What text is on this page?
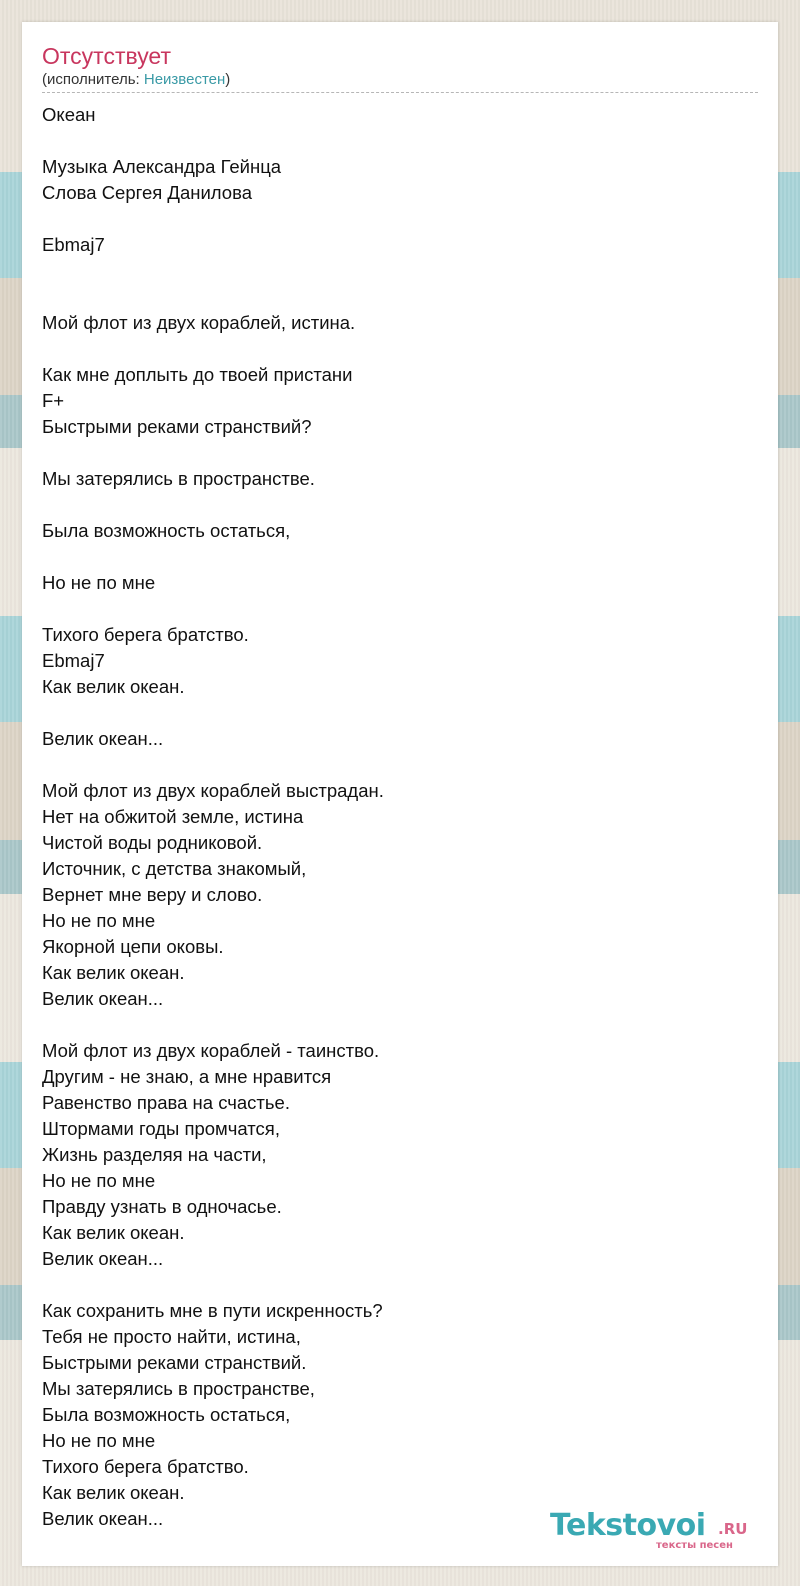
Отсутствует
(исполнитель: Неизвестен)
Океан

Музыка Александра Гейнца
Слова Сергея Данилова

Ebmaj7

Мой флот из двух кораблей, истина.

Как мне доплыть до твоей пристани
F+
Быстрыми реками странствий?

Мы затерялись в пространстве.

Была возможность остаться,

Но не по мне

Тихого берега братство.
Ebmaj7
Как велик океан.

Велик океан...

Мой флот из двух кораблей выстрадан.
Нет на обжитой земле, истина
Чистой воды родниковой.
Источник, с детства знакомый,
Вернет мне веру и слово.
Но не по мне
Якорной цепи оковы.
Как велик океан.
Велик океан...

Мой флот из двух кораблей - таинство.
Другим - не знаю, а мне нравится
Равенство права на счастье.
Штормами годы промчатся,
Жизнь разделяя на части,
Но не по мне
Правду узнать в одночасье.
Как велик океан.
Велик океан...

Как сохранить мне в пути искренность?
Тебя не просто найти, истина,
Быстрыми реками странствий.
Мы затерялись в пространстве,
Была возможность остаться,
Но не по мне
Тихого берега братство.
Как велик океан.
Велик океан...	Tekstovoi .RU
тексты песен
